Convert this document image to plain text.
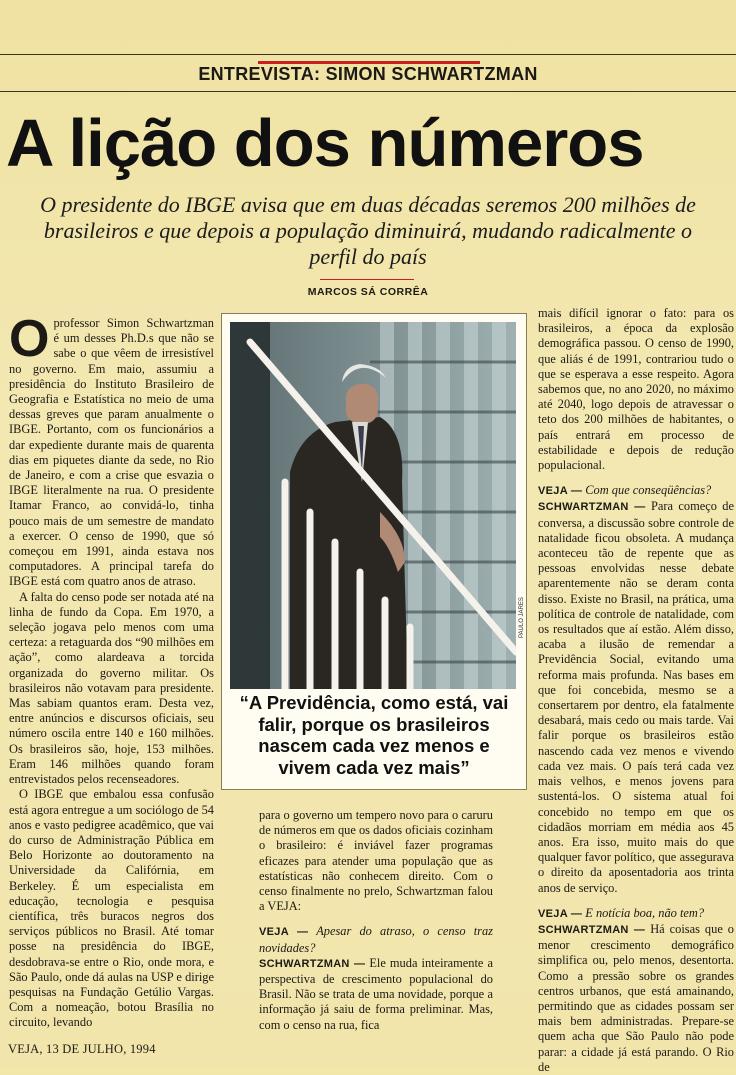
ENTREVISTA: SIMON SCHWARTZMAN
A lição dos números
O presidente do IBGE avisa que em duas décadas seremos 200 milhões de brasileiros e que depois a população diminuirá, mudando radicalmente o perfil do país
MARCOS SÁ CORRÊA

Oprofessor Simon Schwartzman é um desses Ph.D.s que não se sabe o que vêem de irresistível no governo. Em maio, assumiu a presidência do Instituto Brasileiro de Geografia e Estatística no meio de uma dessas greves que param anualmente o IBGE. Portanto, com os funcionários a dar expediente durante mais de quarenta dias em piquetes diante da sede, no Rio de Janeiro, e com a crise que esvazia o IBGE literalmente na rua. O presidente Itamar Franco, ao convidá-lo, tinha pouco mais de um semestre de mandato a exercer. O censo de 1990, que só começou em 1991, ainda estava nos computadores. A principal tarefa do IBGE está com quatro anos de atraso.

A falta do censo pode ser notada até na linha de fundo da Copa. Em 1970, a seleção jogava pelo menos com uma certeza: a retaguarda dos “90 milhões em ação”, como alardeava a torcida organizada do governo militar. Os brasileiros não votavam para presidente. Mas sabiam quantos eram. Desta vez, entre anúncios e discursos oficiais, seu número oscila entre 140 e 160 milhões. Os brasileiros são, hoje, 153 milhões. Eram 146 milhões quando foram entrevistados pelos recenseadores.

O IBGE que embalou essa confusão está agora entregue a um sociólogo de 54 anos e vasto pedigree acadêmico, que vai do curso de Administração Pública em Belo Horizonte ao doutoramento na Universidade da Califórnia, em Berkeley. É um especialista em educação, tecnologia e pesquisa científica, três buracos negros dos serviços públicos no Brasil. Até tomar posse na presidência do IBGE, desdobrava-se entre o Rio, onde mora, e São Paulo, onde dá aulas na USP e dirige pesquisas na Fundação Getúlio Vargas. Com a nomeação, botou Brasília no circuito, levando

“A Previdência, como está, vai falir, porque os brasileiros nascem cada vez menos e vivem cada vez mais”
PAULO JARES

para o governo um tempero novo para o caruru de números em que os dados oficiais cozinham o brasileiro: é inviável fazer programas eficazes para atender uma população que as estatísticas não conhecem direito. Com o censo finalmente no prelo, Schwartzman falou a VEJA:

VEJA — Apesar do atraso, o censo traz novidades?

SCHWARTZMAN — Ele muda inteiramente a perspectiva de crescimento populacional do Brasil. Não se trata de uma novidade, porque a informação já saiu de forma preliminar. Mas, com o censo na rua, fica

mais difícil ignorar o fato: para os brasileiros, a época da explosão demográfica passou. O censo de 1990, que aliás é de 1991, contrariou tudo o que se esperava a esse respeito. Agora sabemos que, no ano 2020, no máximo até 2040, logo depois de atravessar o teto dos 200 milhões de habitantes, o país entrará em processo de estabilidade e depois de redução populacional.

VEJA — Com que conseqüências?

SCHWARTZMAN — Para começo de conversa, a discussão sobre controle de natalidade ficou obsoleta. A mudança aconteceu tão de repente que as pessoas envolvidas nesse debate aparentemente não se deram conta disso. Existe no Brasil, na prática, uma política de controle de natalidade, com os resultados que aí estão. Além disso, acaba a ilusão de remendar a Previdência Social, evitando uma reforma mais profunda. Nas bases em que foi concebida, mesmo se a consertarem por dentro, ela fatalmente desabará, mais cedo ou mais tarde. Vai falir porque os brasileiros estão nascendo cada vez menos e vivendo cada vez mais. O país terá cada vez mais velhos, e menos jovens para sustentá-los. O sistema atual foi concebido no tempo em que os cidadãos morriam em média aos 45 anos. Era isso, muito mais do que qualquer favor político, que assegurava o direito da aposentadoria aos trinta anos de serviço.

VEJA — E notícia boa, não tem?

SCHWARTZMAN — Há coisas que o menor crescimento demográfico simplifica ou, pelo menos, desentorta. Como a pressão sobre os grandes centros urbanos, que está amainando, permitindo que as cidades possam ser mais bem administradas. Prepare-se quem acha que São Paulo não pode parar: a cidade já está parando. O Rio de

VEJA, 13 DE JULHO, 1994
